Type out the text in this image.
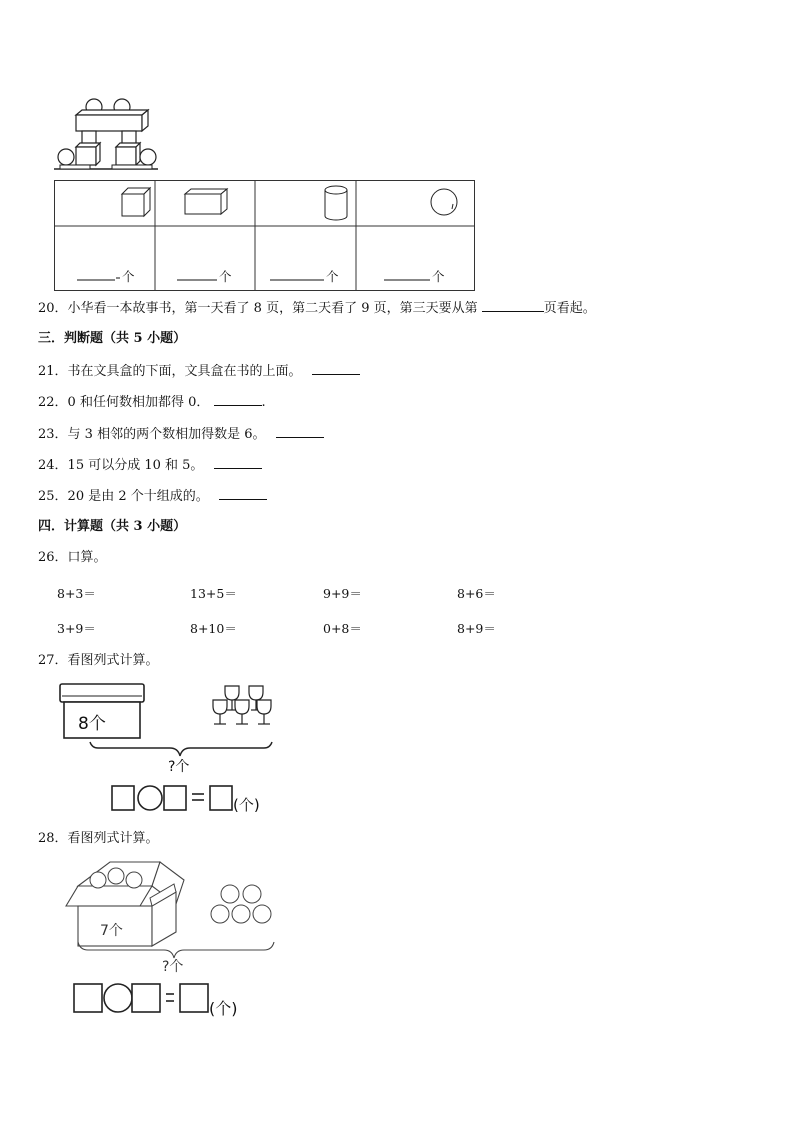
个	个	个	个
20．小华看一本故事书，第一天看了 8 页，第二天看了 9 页，第三天要从第	页看起。
三．判断题（共 5 小题）
21．书在文具盒的下面，文具盒在书的上面。
22．0 和任何数相加都得 0．	.
23．与 3 相邻的两个数相加得数是 6。
24．15 可以分成 10 和 5。
25．20 是由 2 个十组成的。
四．计算题（共 3 小题）
26．口算。
8+3＝	13+5＝	9+9＝	8+6＝
3+9＝	8+10＝	0+8＝	8+9＝
27．看图列式计算。
8个
?个
(个)
28．看图列式计算。
7个
?个
(个)
